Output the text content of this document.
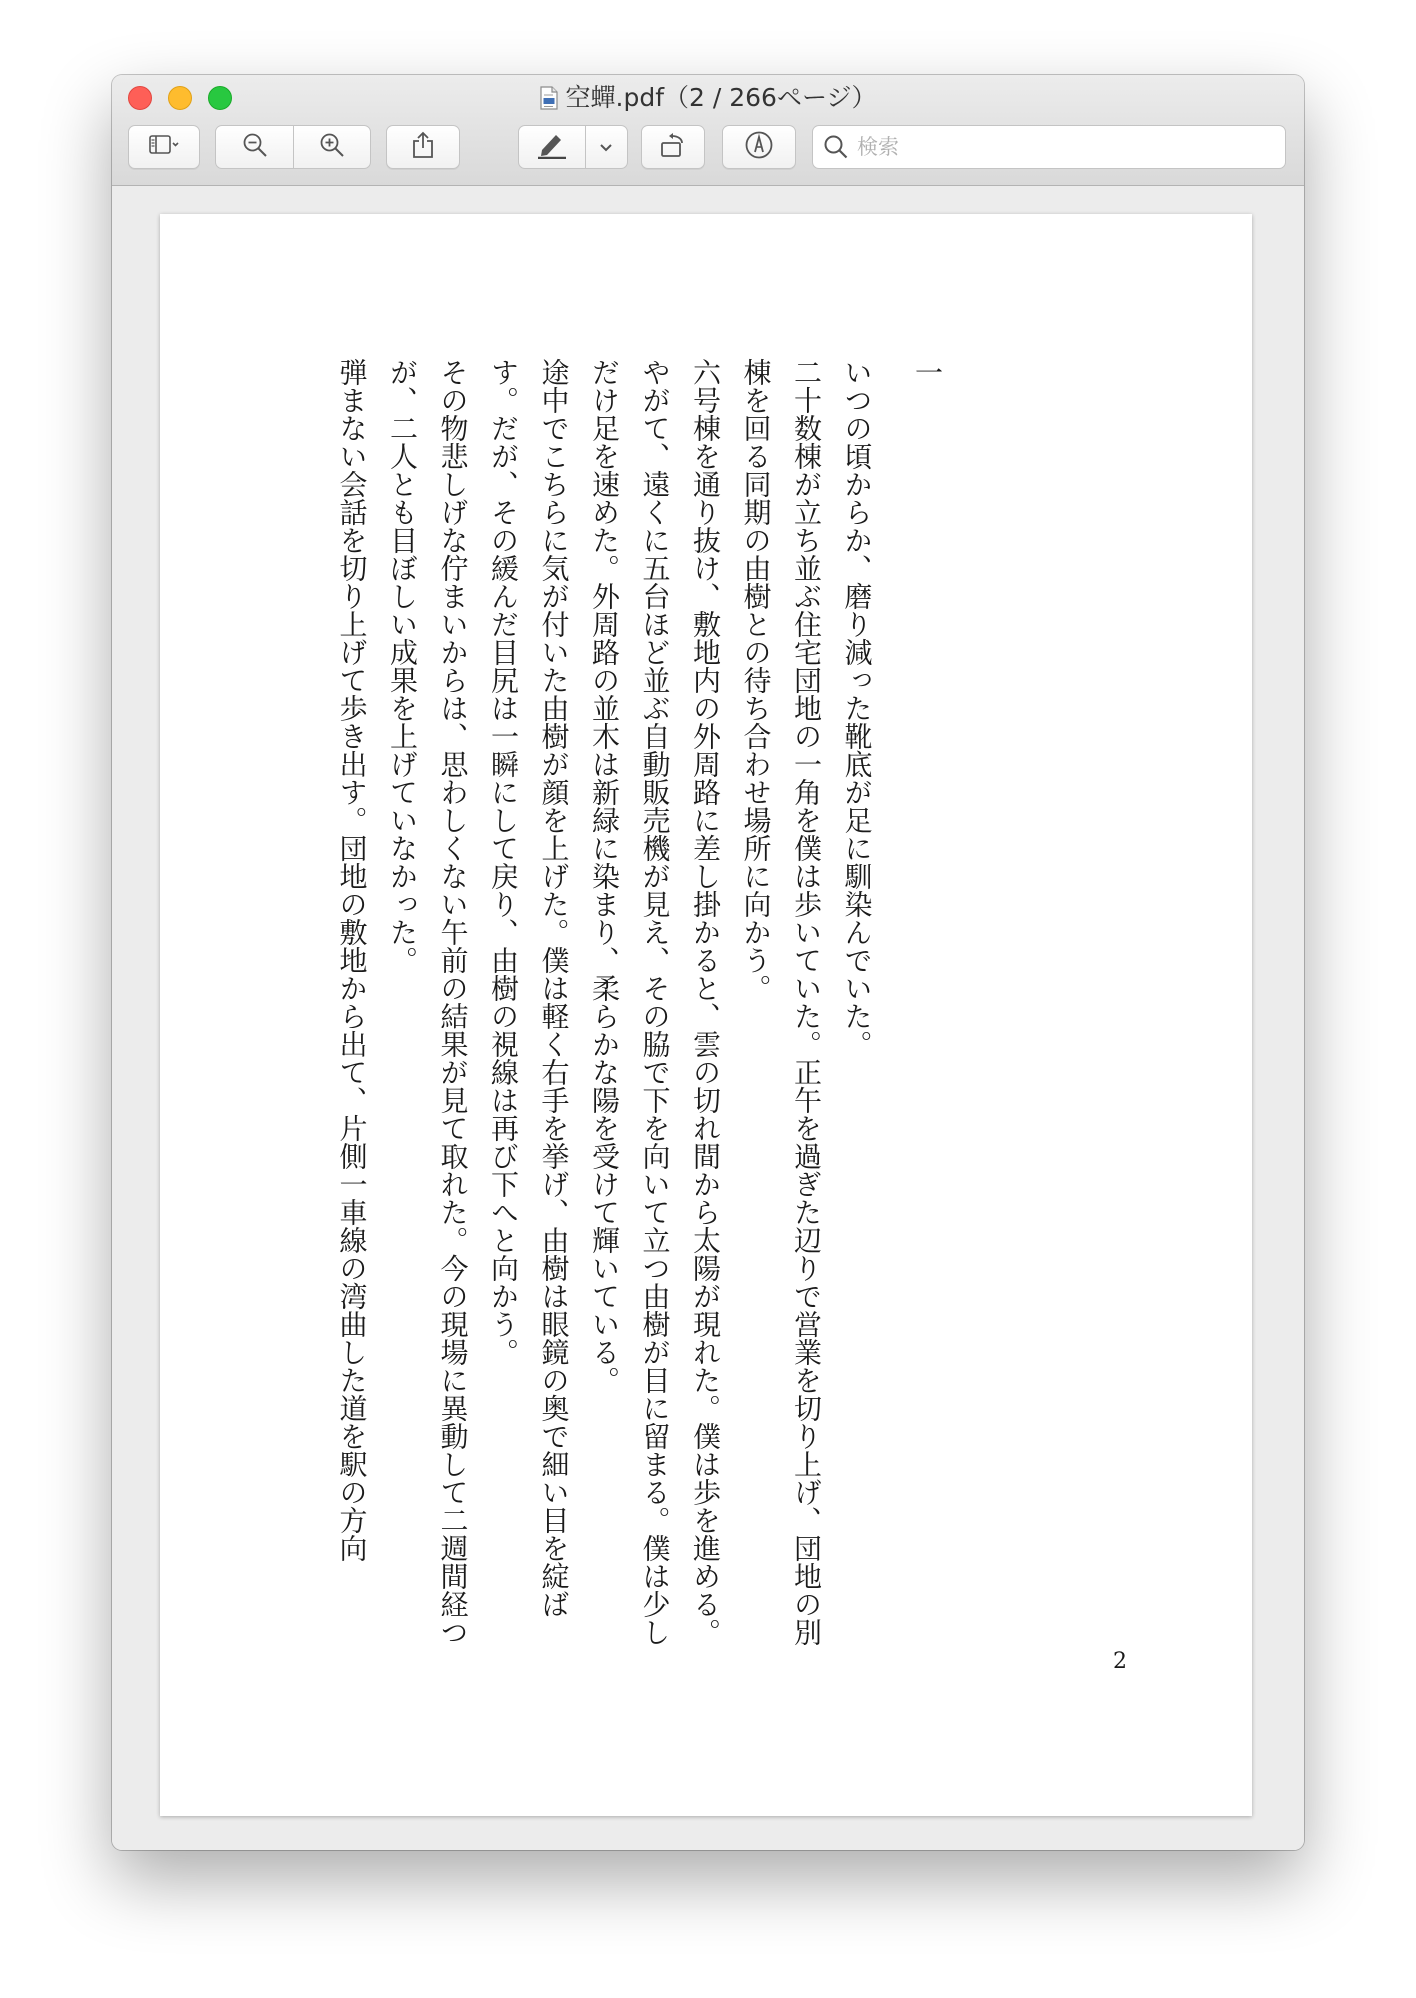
空蟬.pdf（2 / 266ページ）
検索

一

いつの頃からか、磨り減った靴底が足に馴染んでいた。

二十数棟が立ち並ぶ住宅団地の一角を僕は歩いていた。正午を過ぎた辺りで営業を切り上げ、団地の別棟を回る同期の由樹との待ち合わせ場所に向かう。

六号棟を通り抜け、敷地内の外周路に差し掛かると、雲の切れ間から太陽が現れた。僕は歩を進める。

やがて、遠くに五台ほど並ぶ自動販売機が見え、その脇で下を向いて立つ由樹が目に留まる。僕は少しだけ足を速めた。外周路の並木は新緑に染まり、柔らかな陽を受けて輝いている。

途中でこちらに気が付いた由樹が顔を上げた。僕は軽く右手を挙げ、由樹は眼鏡の奥で細い目を綻ばす。だが、その緩んだ目尻は一瞬にして戻り、由樹の視線は再び下へと向かう。

その物悲しげな佇まいからは、思わしくない午前の結果が見て取れた。今の現場に異動して二週間経つが、二人とも目ぼしい成果を上げていなかった。

弾まない会話を切り上げて歩き出す。団地の敷地から出て、片側一車線の湾曲した道を駅の方向

2
